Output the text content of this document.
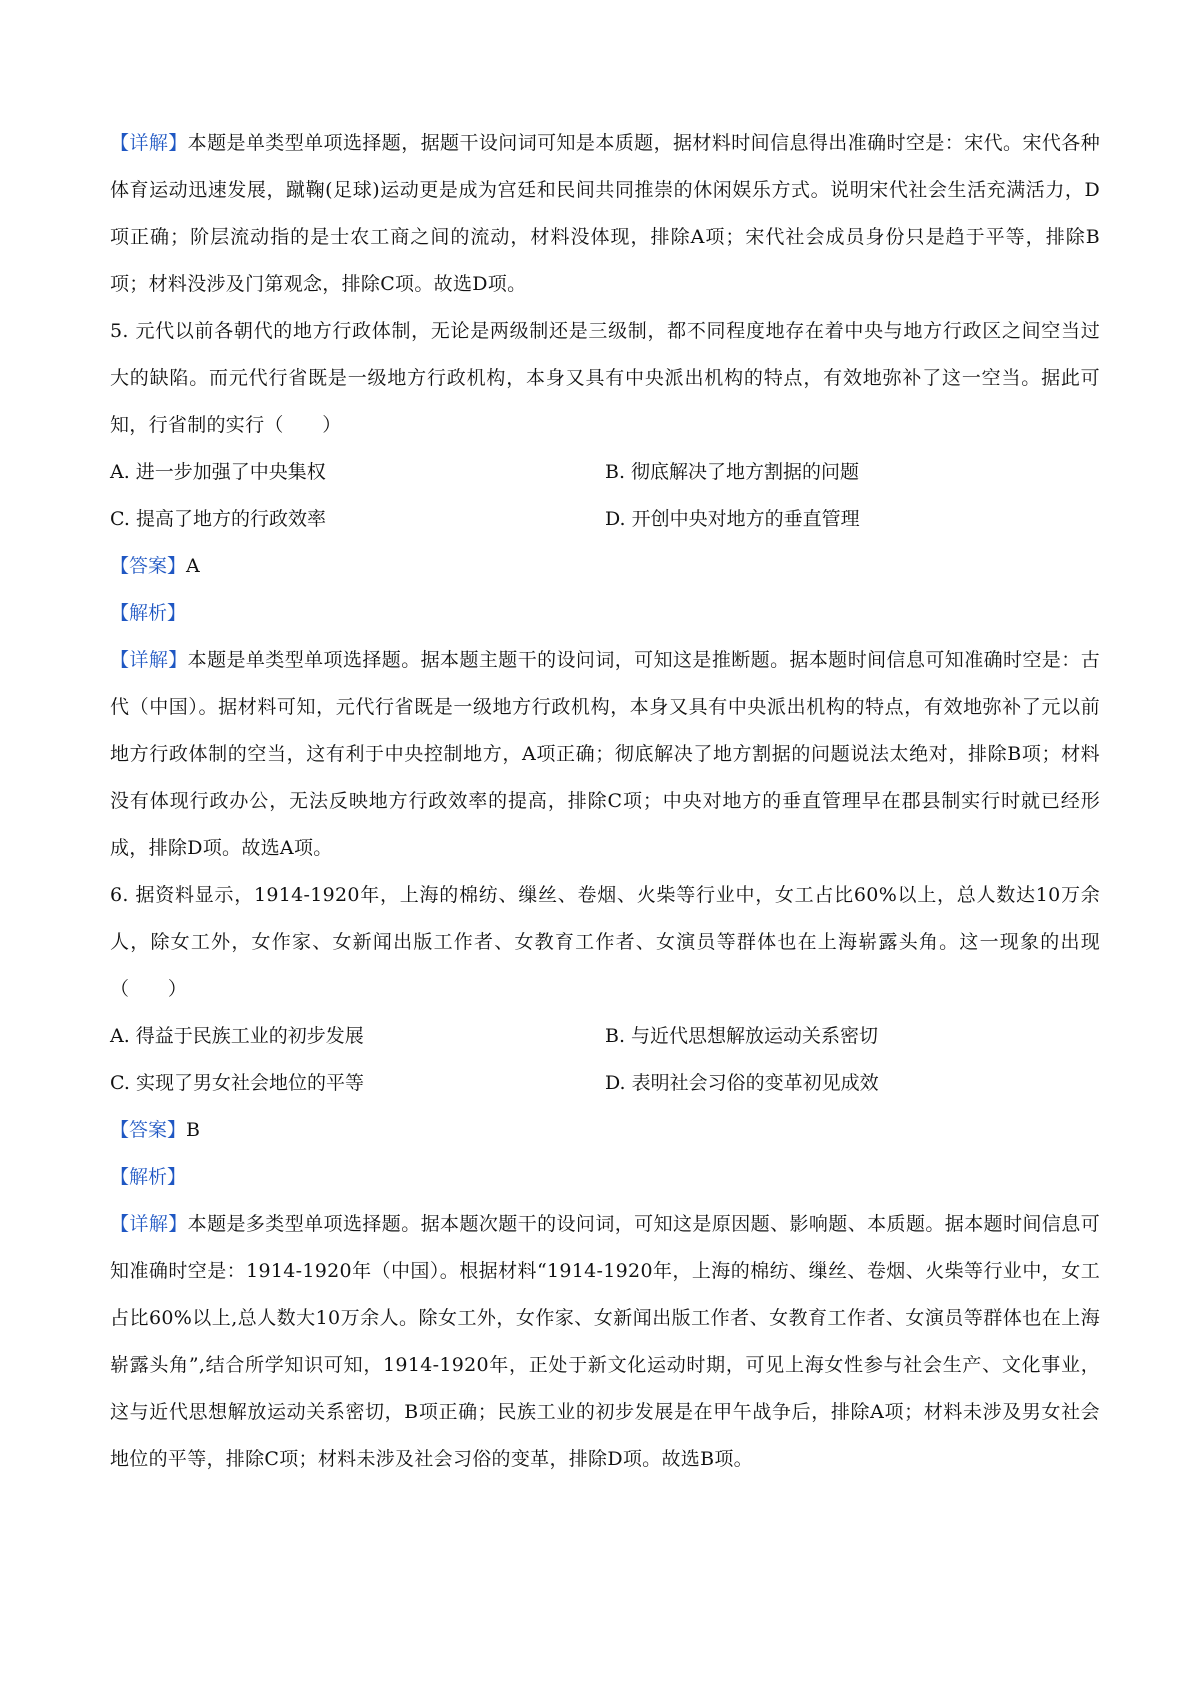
【详解】本题是单类型单项选择题，据题干设问词可知是本质题，据材料时间信息得出准确时空是：宋代。宋代各种体育运动迅速发展，蹴鞠(足球)运动更是成为宫廷和民间共同推崇的休闲娱乐方式。说明宋代社会生活充满活力，D项正确；阶层流动指的是士农工商之间的流动，材料没体现，排除A项；宋代社会成员身份只是趋于平等，排除B项；材料没涉及门第观念，排除C项。故选D项。

5. 元代以前各朝代的地方行政体制，无论是两级制还是三级制，都不同程度地存在着中央与地方行政区之间空当过大的缺陷。而元代行省既是一级地方行政机构，本身又具有中央派出机构的特点，有效地弥补了这一空当。据此可知，行省制的实行（　　）

A. 进一步加强了中央集权	B. 彻底解决了地方割据的问题
C. 提高了地方的行政效率	D. 开创中央对地方的垂直管理

【答案】A

【解析】

【详解】本题是单类型单项选择题。据本题主题干的设问词，可知这是推断题。据本题时间信息可知准确时空是：古代（中国）。据材料可知，元代行省既是一级地方行政机构，本身又具有中央派出机构的特点，有效地弥补了元以前地方行政体制的空当，这有利于中央控制地方，A项正确；彻底解决了地方割据的问题说法太绝对，排除B项；材料没有体现行政办公，无法反映地方行政效率的提高，排除C项；中央对地方的垂直管理早在郡县制实行时就已经形成，排除D项。故选A项。

6. 据资料显示，1914-1920年，上海的棉纺、缫丝、卷烟、火柴等行业中，女工占比60%以上，总人数达10万余人，除女工外，女作家、女新闻出版工作者、女教育工作者、女演员等群体也在上海崭露头角。这一现象的出现（　　）

A. 得益于民族工业的初步发展	B. 与近代思想解放运动关系密切
C. 实现了男女社会地位的平等	D. 表明社会习俗的变革初见成效

【答案】B

【解析】

【详解】本题是多类型单项选择题。据本题次题干的设问词，可知这是原因题、影响题、本质题。据本题时间信息可知准确时空是：1914-1920年（中国）。根据材料“1914-1920年，上海的棉纺、缫丝、卷烟、火柴等行业中，女工占比60%以上,总人数大10万余人。除女工外，女作家、女新闻出版工作者、女教育工作者、女演员等群体也在上海崭露头角”,结合所学知识可知，1914-1920年，正处于新文化运动时期，可见上海女性参与社会生产、文化事业，这与近代思想解放运动关系密切，B项正确；民族工业的初步发展是在甲午战争后，排除A项；材料未涉及男女社会地位的平等，排除C项；材料未涉及社会习俗的变革，排除D项。故选B项。
